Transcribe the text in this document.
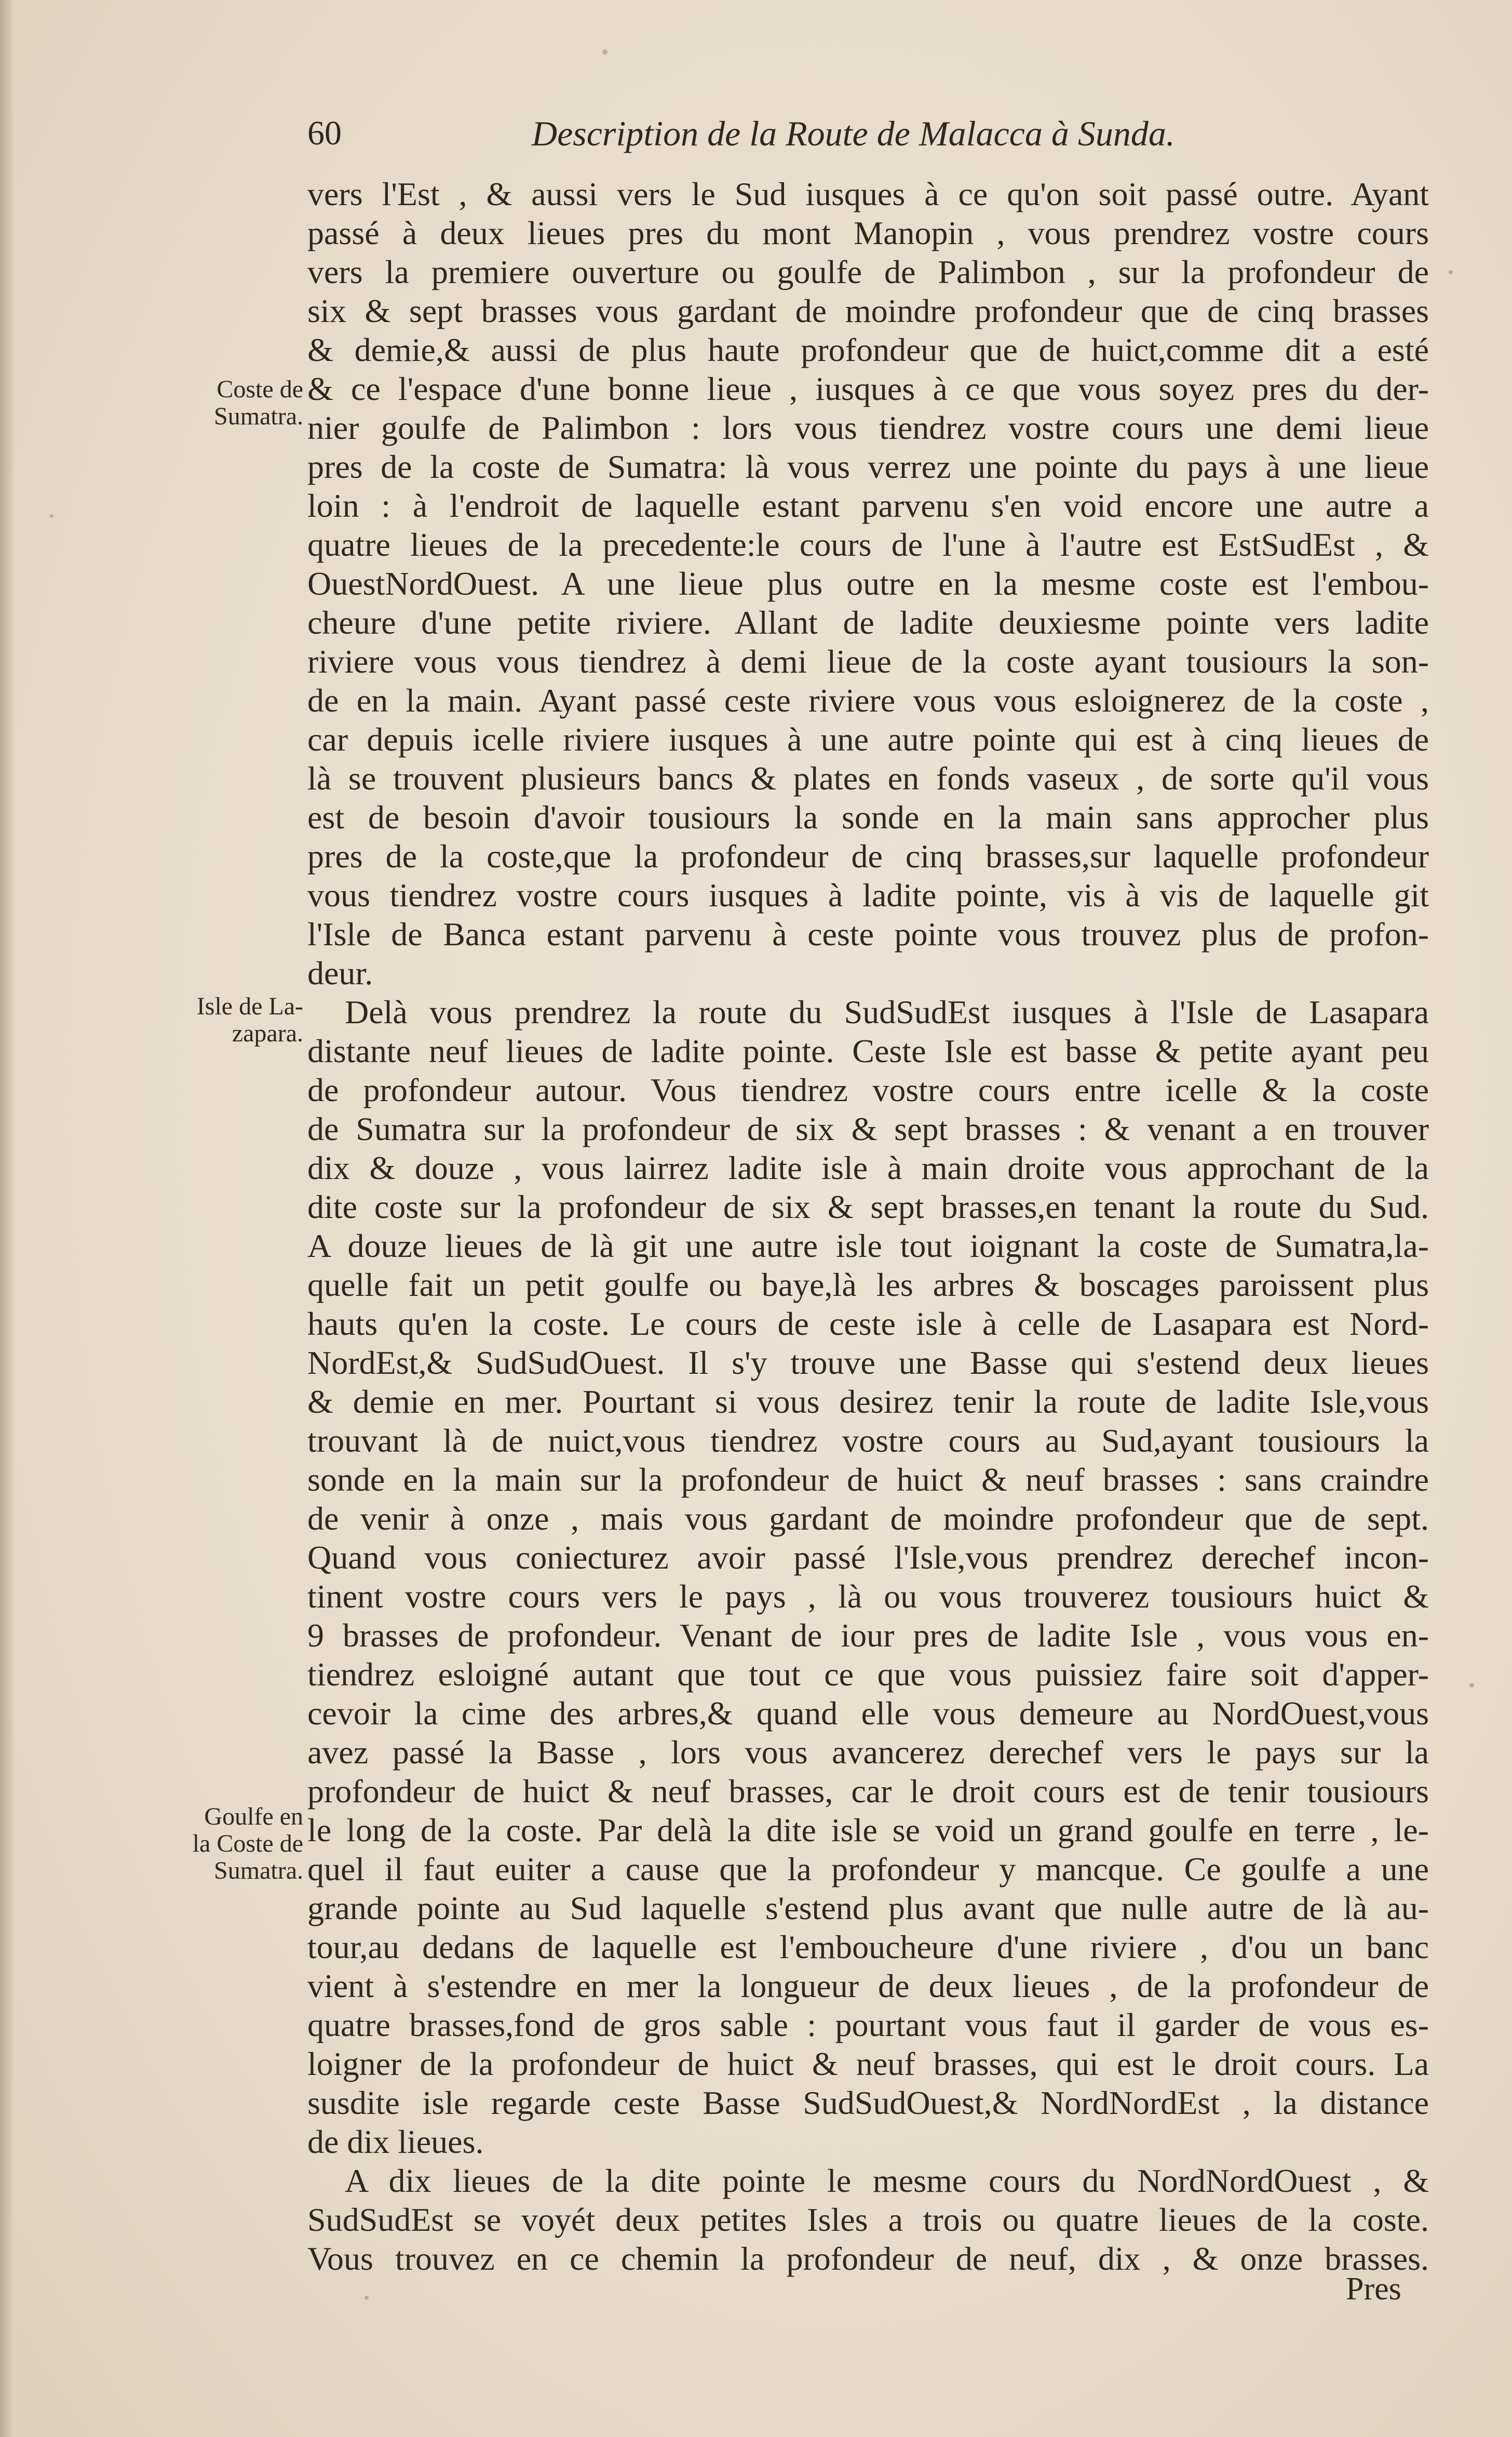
60	Description de la Route de Malacca à Sunda.
Coste de
Sumatra.
Isle de La-
zapara.
Goulfe en
la Coste de
Sumatra.
vers l'Est , & aussi vers le Sud iusques à ce qu'on soit passé outre. Ayant
passé à deux lieues pres du mont Manopin , vous prendrez vostre cours
vers la premiere ouverture ou goulfe de Palimbon , sur la profondeur de
six & sept brasses vous gardant de moindre profondeur que de cinq brasses
& demie,& aussi de plus haute profondeur que de huict,comme dit a esté
& ce l'espace d'une bonne lieue , iusques à ce que vous soyez pres du der-
nier goulfe de Palimbon : lors vous tiendrez vostre cours une demi lieue
pres de la coste de Sumatra: là vous verrez une pointe du pays à une lieue
loin : à l'endroit de laquelle estant parvenu s'en void encore une autre a
quatre lieues de la precedente:le cours de l'une à l'autre est EstSudEst , &
OuestNordOuest. A une lieue plus outre en la mesme coste est l'embou-
cheure d'une petite riviere. Allant de ladite deuxiesme pointe vers ladite
riviere vous vous tiendrez à demi lieue de la coste ayant tousiours la son-
de en la main. Ayant passé ceste riviere vous vous esloignerez de la coste ,
car depuis icelle riviere iusques à une autre pointe qui est à cinq lieues de
là se trouvent plusieurs bancs & plates en fonds vaseux , de sorte qu'il vous
est de besoin d'avoir tousiours la sonde en la main sans approcher plus
pres de la coste,que la profondeur de cinq brasses,sur laquelle profondeur
vous tiendrez vostre cours iusques à ladite pointe, vis à vis de laquelle git
l'Isle de Banca estant parvenu à ceste pointe vous trouvez plus de profon-
deur.
Delà vous prendrez la route du SudSudEst iusques à l'Isle de Lasapara
distante neuf lieues de ladite pointe. Ceste Isle est basse & petite ayant peu
de profondeur autour. Vous tiendrez vostre cours entre icelle & la coste
de Sumatra sur la profondeur de six & sept brasses : & venant a en trouver
dix & douze , vous lairrez ladite isle à main droite vous approchant de la
dite coste sur la profondeur de six & sept brasses,en tenant la route du Sud.
A douze lieues de là git une autre isle tout ioignant la coste de Sumatra,la-
quelle fait un petit goulfe ou baye,là les arbres & boscages paroissent plus
hauts qu'en la coste. Le cours de ceste isle à celle de Lasapara est Nord-
NordEst,& SudSudOuest. Il s'y trouve une Basse qui s'estend deux lieues
& demie en mer. Pourtant si vous desirez tenir la route de ladite Isle,vous
trouvant là de nuict,vous tiendrez vostre cours au Sud,ayant tousiours la
sonde en la main sur la profondeur de huict & neuf brasses : sans craindre
de venir à onze , mais vous gardant de moindre profondeur que de sept.
Quand vous coniecturez avoir passé l'Isle,vous prendrez derechef incon-
tinent vostre cours vers le pays , là ou vous trouverez tousiours huict &
9 brasses de profondeur. Venant de iour pres de ladite Isle , vous vous en-
tiendrez esloigné autant que tout ce que vous puissiez faire soit d'apper-
cevoir la cime des arbres,& quand elle vous demeure au NordOuest,vous
avez passé la Basse , lors vous avancerez derechef vers le pays sur la
profondeur de huict & neuf brasses, car le droit cours est de tenir tousiours
le long de la coste. Par delà la dite isle se void un grand goulfe en terre , le-
quel il faut euiter a cause que la profondeur y mancque. Ce goulfe a une
grande pointe au Sud laquelle s'estend plus avant que nulle autre de là au-
tour,au dedans de laquelle est l'emboucheure d'une riviere , d'ou un banc
vient à s'estendre en mer la longueur de deux lieues , de la profondeur de
quatre brasses,fond de gros sable : pourtant vous faut il garder de vous es-
loigner de la profondeur de huict & neuf brasses, qui est le droit cours. La
susdite isle regarde ceste Basse SudSudOuest,& NordNordEst , la distance
de dix lieues.
A dix lieues de la dite pointe le mesme cours du NordNordOuest , &
SudSudEst se voyét deux petites Isles a trois ou quatre lieues de la coste.
Vous trouvez en ce chemin la profondeur de neuf, dix , & onze brasses.
Pres
